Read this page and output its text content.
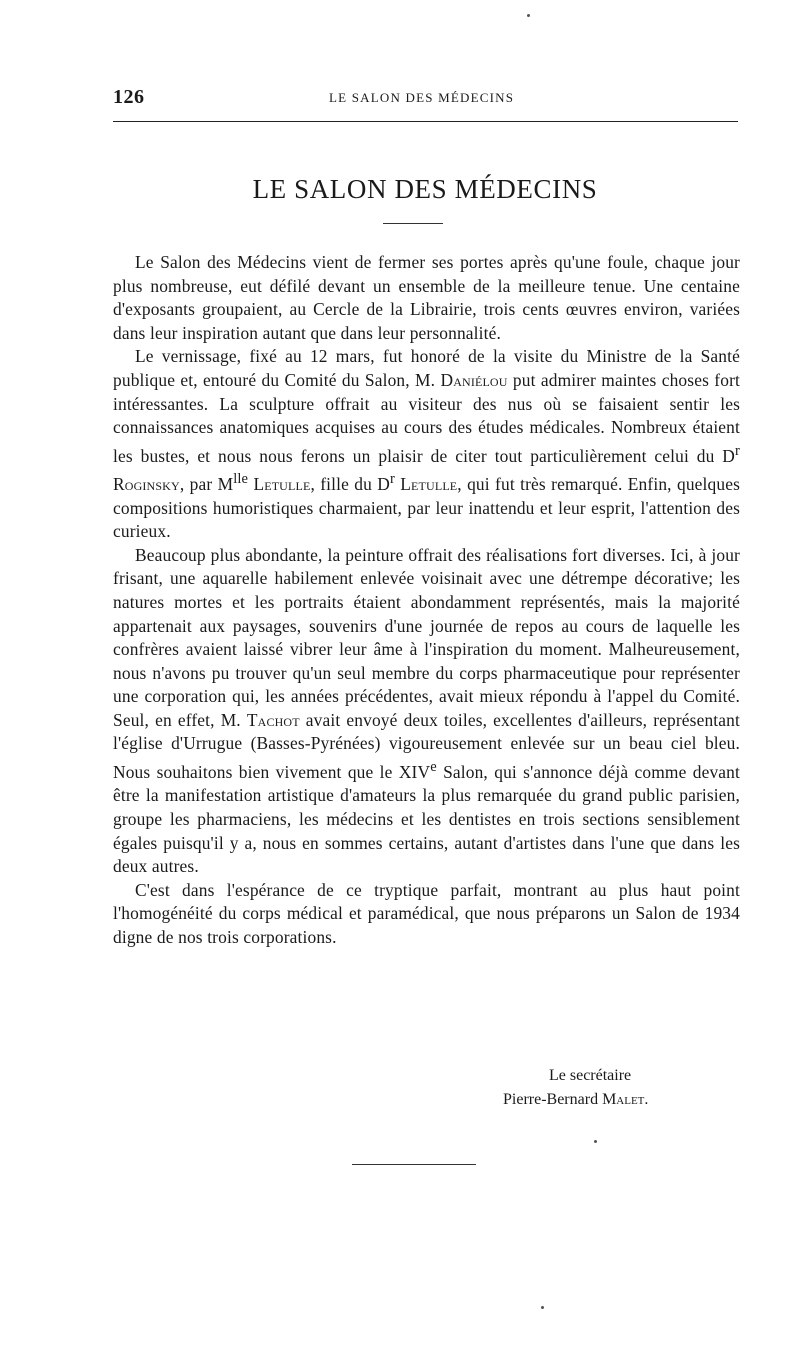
126	LE SALON DES MÉDECINS
LE SALON DES MÉDECINS

Le Salon des Médecins vient de fermer ses portes après qu'une foule, chaque jour plus nombreuse, eut défilé devant un ensemble de la meilleure tenue. Une centaine d'exposants groupaient, au Cercle de la Librairie, trois cents œuvres environ, variées dans leur inspiration autant que dans leur personnalité.

Le vernissage, fixé au 12 mars, fut honoré de la visite du Ministre de la Santé publique et, entouré du Comité du Salon, M. Daniélou put admirer maintes choses fort intéressantes. La sculpture offrait au visiteur des nus où se faisaient sentir les connaissances anatomiques acquises au cours des études médicales. Nombreux étaient les bustes, et nous nous ferons un plaisir de citer tout particulièrement celui du $D^r$ Roginsky, par $M^{lle}$ Letulle, fille du $D^r$ Letulle, qui fut très remarqué. Enfin, quelques compositions humoristiques charmaient, par leur inattendu et leur esprit, l'attention des curieux.

Beaucoup plus abondante, la peinture offrait des réalisations fort diverses. Ici, à jour frisant, une aquarelle habilement enlevée voisinait avec une détrempe décorative; les natures mortes et les portraits étaient abondamment représentés, mais la majorité appartenait aux paysages, souvenirs d'une journée de repos au cours de laquelle les confrères avaient laissé vibrer leur âme à l'inspiration du moment. Malheureusement, nous n'avons pu trouver qu'un seul membre du corps pharmaceutique pour représenter une corporation qui, les années précédentes, avait mieux répondu à l'appel du Comité. Seul, en effet, M. Tachot avait envoyé deux toiles, excellentes d'ailleurs, représentant l'église d'Urrugue (Basses-Pyrénées) vigoureusement enlevée sur un beau ciel bleu. Nous souhaitons bien vivement que le XIVe Salon, qui s'annonce déjà comme devant être la manifestation artistique d'amateurs la plus remarquée du grand public parisien, groupe les pharmaciens, les médecins et les dentistes en trois sections sensiblement égales puisqu'il y a, nous en sommes certains, autant d'artistes dans l'une que dans les deux autres.

C'est dans l'espérance de ce tryptique parfait, montrant au plus haut point l'homogénéité du corps médical et paramédical, que nous préparons un Salon de 1934 digne de nos trois corporations.

Le secrétaire
Pierre-Bernard Malet.
